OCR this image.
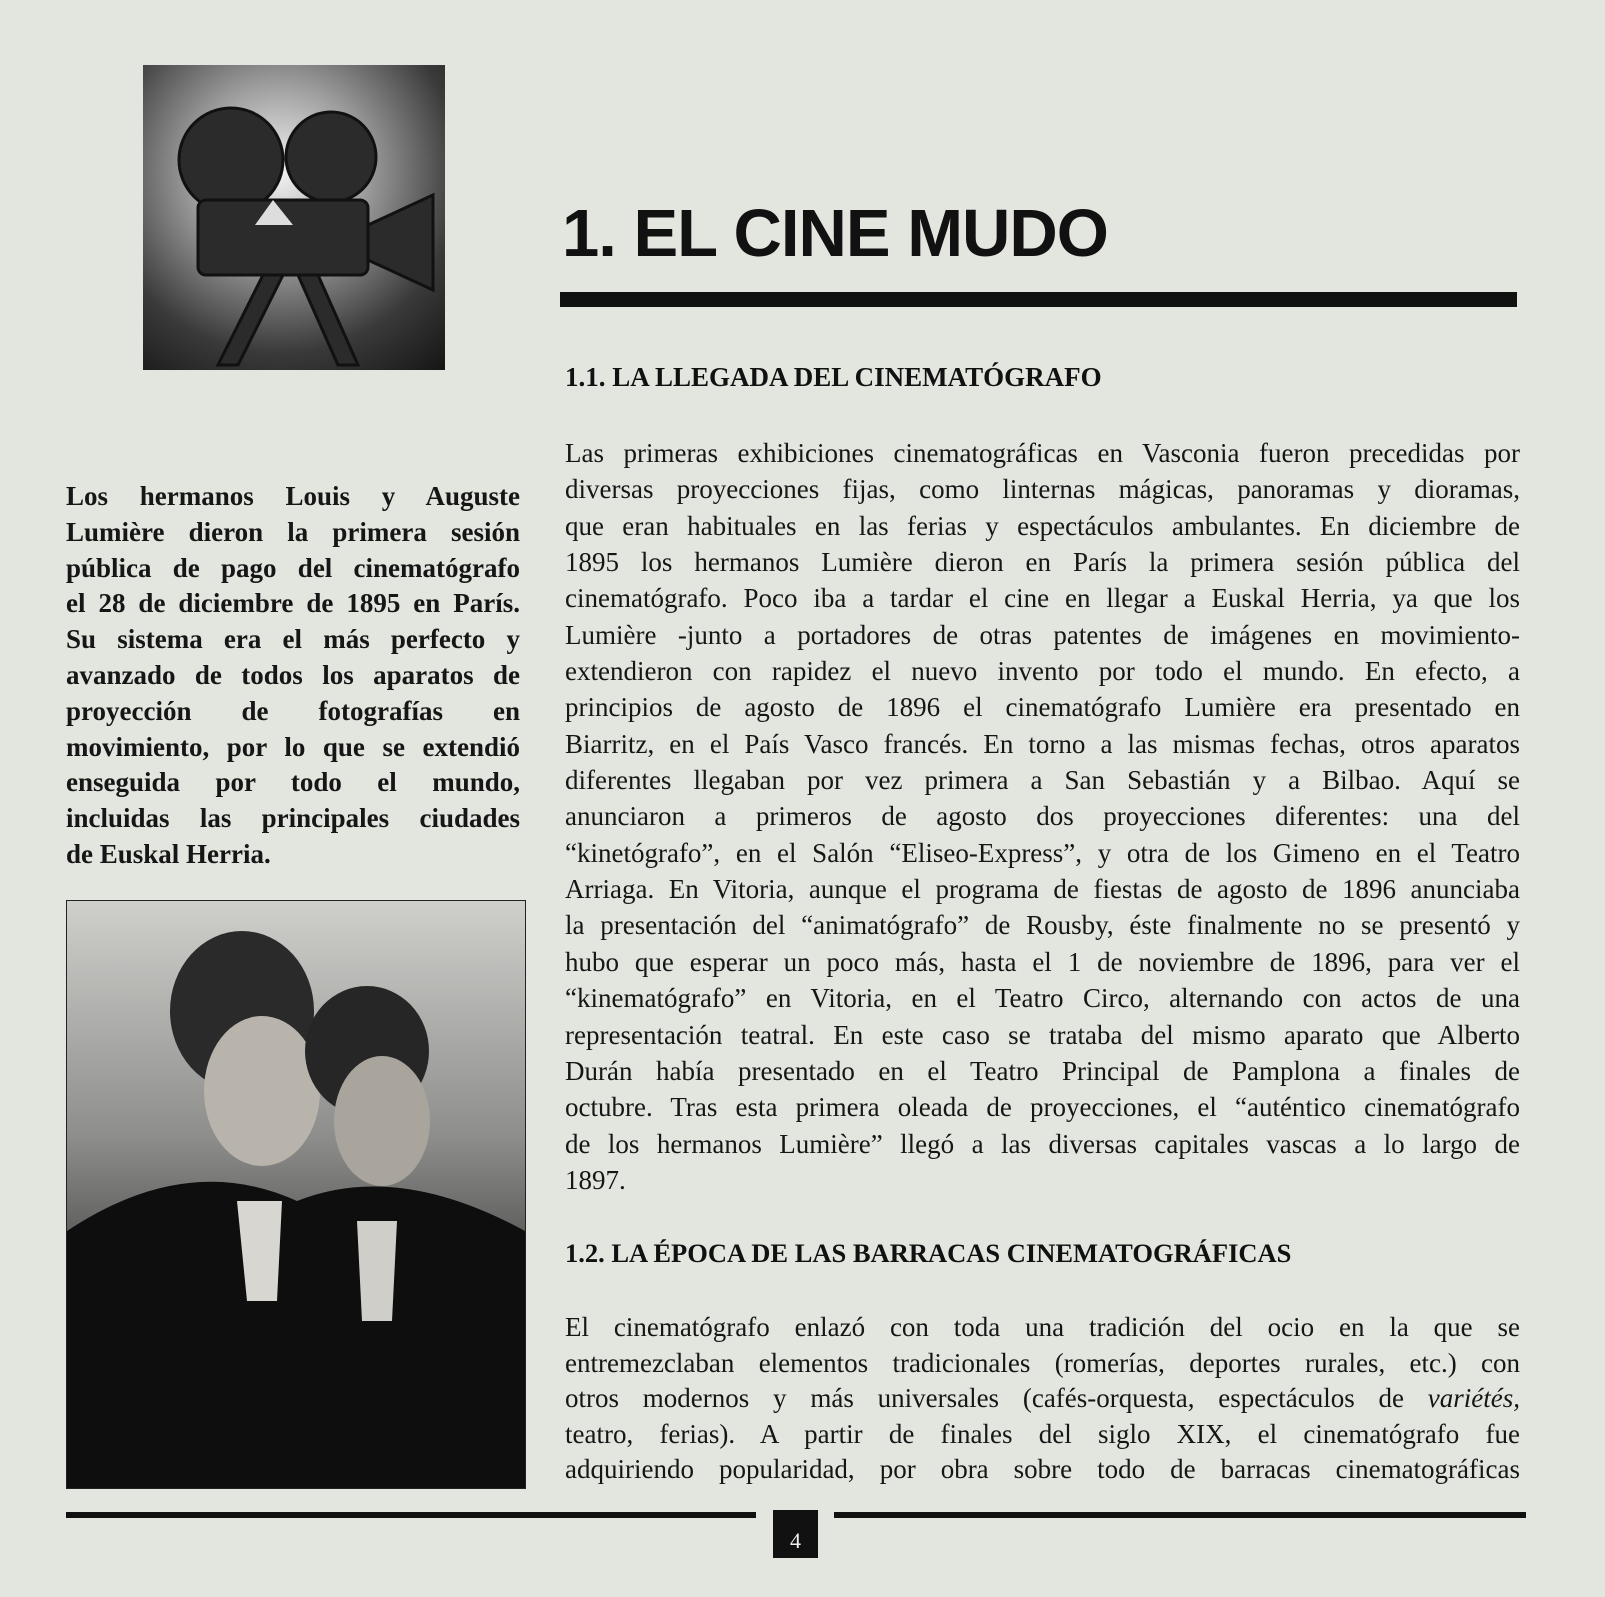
1. EL CINE MUDO
1.1. LA LLEGADA DEL CINEMATÓGRAFO
Las primeras exhibiciones cinematográficas en Vasconia fueron precedidas por
diversas proyecciones fijas, como linternas mágicas, panoramas y dioramas,
que eran habituales en las ferias y espectáculos ambulantes. En diciembre de
1895 los hermanos Lumière dieron en París la primera sesión pública del
cinematógrafo. Poco iba a tardar el cine en llegar a Euskal Herria, ya que los
Lumière -junto a portadores de otras patentes de imágenes en movimiento-
extendieron con rapidez el nuevo invento por todo el mundo. En efecto, a
principios de agosto de 1896 el cinematógrafo Lumière era presentado en
Biarritz, en el País Vasco francés. En torno a las mismas fechas, otros aparatos
diferentes llegaban por vez primera a San Sebastián y a Bilbao. Aquí se
anunciaron a primeros de agosto dos proyecciones diferentes: una del
“kinetógrafo”, en el Salón “Eliseo-Express”, y otra de los Gimeno en el Teatro
Arriaga. En Vitoria, aunque el programa de fiestas de agosto de 1896 anunciaba
la presentación del “animatógrafo” de Rousby, éste finalmente no se presentó y
hubo que esperar un poco más, hasta el 1 de noviembre de 1896, para ver el
“kinematógrafo” en Vitoria, en el Teatro Circo, alternando con actos de una
representación teatral. En este caso se trataba del mismo aparato que Alberto
Durán había presentado en el Teatro Principal de Pamplona a finales de
octubre. Tras esta primera oleada de proyecciones, el “auténtico cinematógrafo
de los hermanos Lumière” llegó a las diversas capitales vascas a lo largo de
1897.
1.2. LA ÉPOCA DE LAS BARRACAS CINEMATOGRÁFICAS
El cinematógrafo enlazó con toda una tradición del ocio en la que se
entremezclaban elementos tradicionales (romerías, deportes rurales, etc.) con
otros modernos y más universales (cafés-orquesta, espectáculos de variétés,
teatro, ferias). A partir de finales del siglo XIX, el cinematógrafo fue
adquiriendo popularidad, por obra sobre todo de barracas cinematográficas
Los hermanos Louis y Auguste
Lumière dieron la primera sesión
pública de pago del cinematógrafo
el 28 de diciembre de 1895 en París.
Su sistema era el más perfecto y
avanzado de todos los aparatos de
proyección de fotografías en
movimiento, por lo que se extendió
enseguida por todo el mundo,
incluidas las principales ciudades
de Euskal Herria.
4
